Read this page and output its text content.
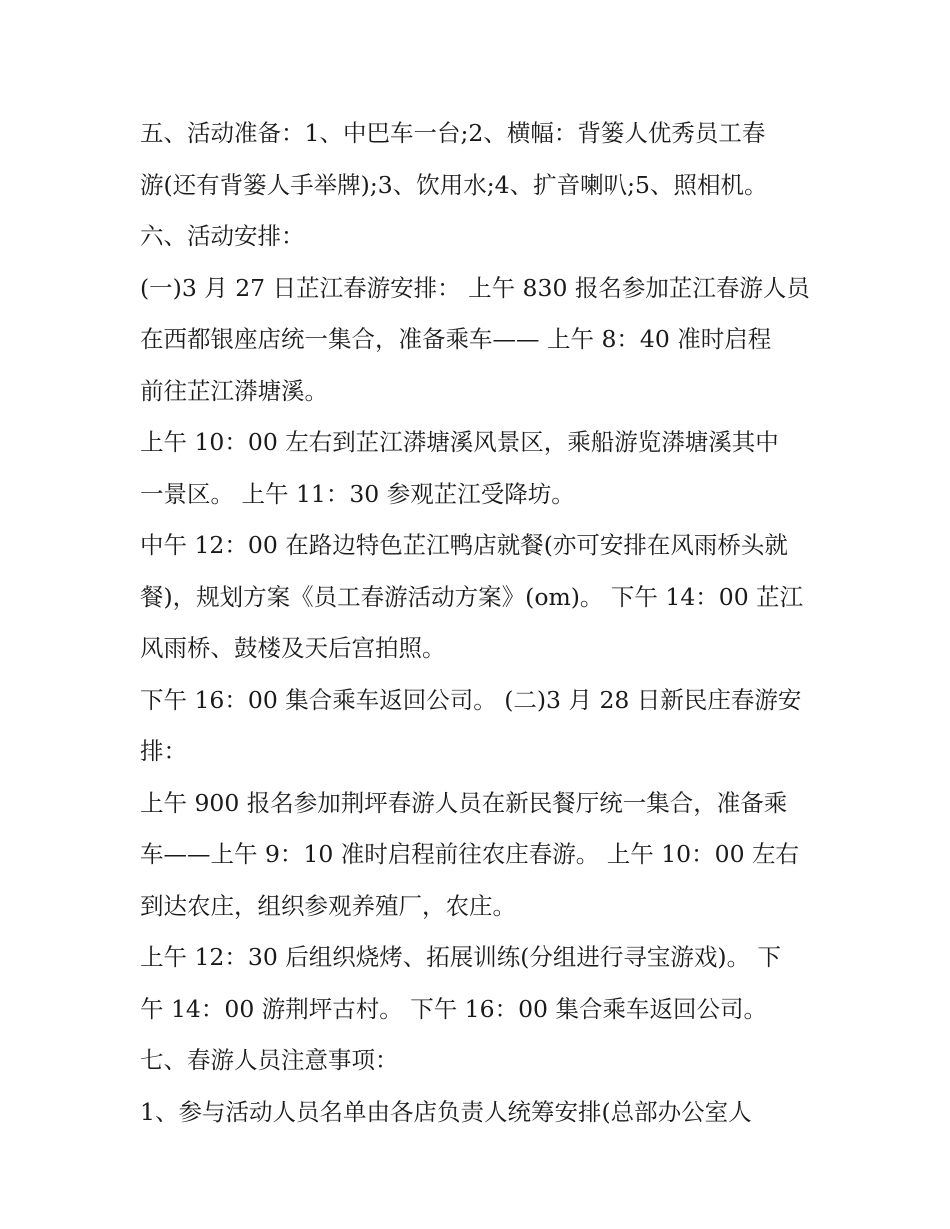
五、活动准备：1、中巴车一台;2、横幅：背篓人优秀员工春
游(还有背篓人手举牌);3、饮用水;4、扩音喇叭;5、照相机。

六、活动安排：

(一)3 月 27 日芷江春游安排： 上午 830 报名参加芷江春游人员
在西都银座店统一集合，准备乘车—— 上午 8：40 准时启程
前往芷江漭塘溪。

上午 10：00 左右到芷江漭塘溪风景区，乘船游览漭塘溪其中
一景区。 上午 11：30 参观芷江受降坊。

中午 12：00 在路边特色芷江鸭店就餐(亦可安排在风雨桥头就
餐)，规划方案《员工春游活动方案》(om)。 下午 14：00 芷江
风雨桥、鼓楼及天后宫拍照。

下午 16：00 集合乘车返回公司。 (二)3 月 28 日新民庄春游安
排：

上午 900 报名参加荆坪春游人员在新民餐厅统一集合，准备乘
车——上午 9：10 准时启程前往农庄春游。 上午 10：00 左右
到达农庄，组织参观养殖厂，农庄。

上午 12：30 后组织烧烤、拓展训练(分组进行寻宝游戏)。 下
午 14：00 游荆坪古村。 下午 16：00 集合乘车返回公司。

七、春游人员注意事项：

1、参与活动人员名单由各店负责人统筹安排(总部办公室人
